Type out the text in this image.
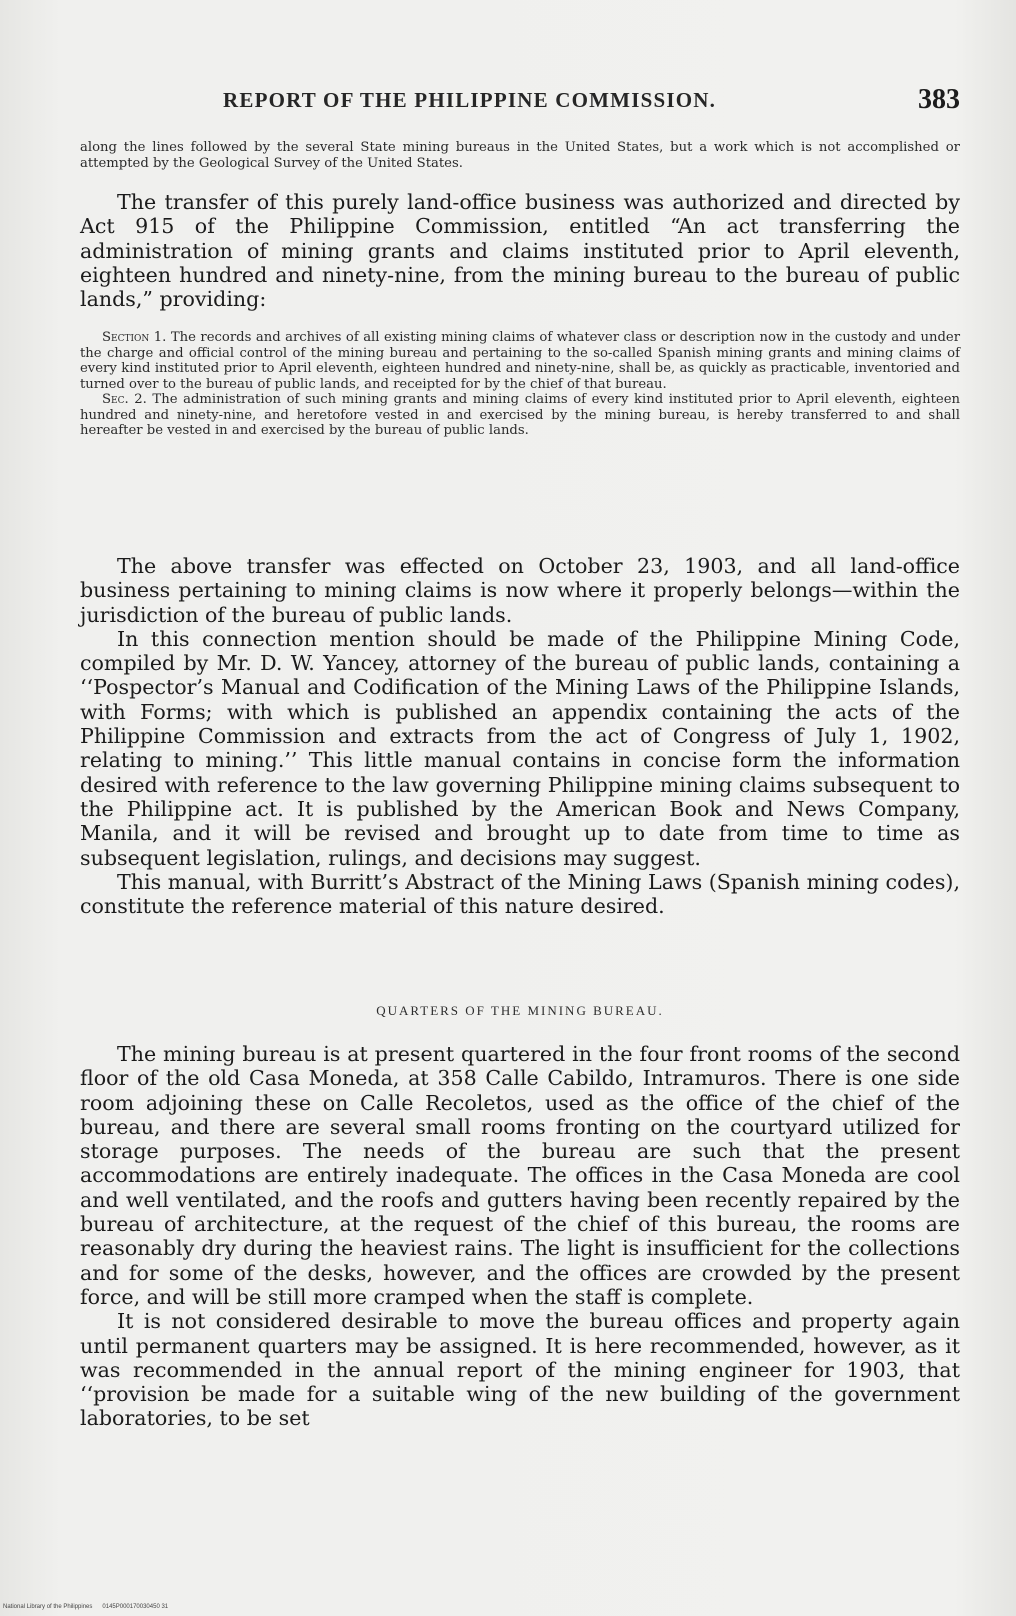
REPORT OF THE PHILIPPINE COMMISSION.	383

along the lines followed by the several State mining bureaus in the United States, but a work which is not accomplished or attempted by the Geological Survey of the United States.

The transfer of this purely land-office business was authorized and directed by Act 915 of the Philippine Commission, entitled “An act transferring the administration of mining grants and claims instituted prior to April eleventh, eighteen hundred and ninety-nine, from the mining bureau to the bureau of public lands,” providing:

Section 1. The records and archives of all existing mining claims of whatever class or description now in the custody and under the charge and official control of the mining bureau and pertaining to the so-called Spanish mining grants and mining claims of every kind instituted prior to April eleventh, eighteen hundred and ninety-nine, shall be, as quickly as practicable, inventoried and turned over to the bureau of public lands, and receipted for by the chief of that bureau.

Sec. 2. The administration of such mining grants and mining claims of every kind instituted prior to April eleventh, eighteen hundred and ninety-nine, and heretofore vested in and exercised by the mining bureau, is hereby transferred to and shall hereafter be vested in and exercised by the bureau of public lands.

The above transfer was effected on October 23, 1903, and all land-office business pertaining to mining claims is now where it properly belongs—within the jurisdiction of the bureau of public lands.

In this connection mention should be made of the Philippine Mining Code, compiled by Mr. D. W. Yancey, attorney of the bureau of public lands, containing a ‘‘Pospector’s Manual and Codification of the Mining Laws of the Philippine Islands, with Forms; with which is published an appendix containing the acts of the Philippine Commission and extracts from the act of Congress of July 1, 1902, relating to mining.’’ This little manual contains in concise form the information desired with reference to the law governing Philippine mining claims subsequent to the Philippine act. It is published by the American Book and News Company, Manila, and it will be revised and brought up to date from time to time as subsequent legislation, rulings, and decisions may suggest.

This manual, with Burritt’s Abstract of the Mining Laws (Spanish mining codes), constitute the reference material of this nature desired.

QUARTERS OF THE MINING BUREAU.

The mining bureau is at present quartered in the four front rooms of the second floor of the old Casa Moneda, at 358 Calle Cabildo, Intramuros. There is one side room adjoining these on Calle Recoletos, used as the office of the chief of the bureau, and there are several small rooms fronting on the courtyard utilized for storage purposes. The needs of the bureau are such that the present accommodations are entirely inadequate. The offices in the Casa Moneda are cool and well ventilated, and the roofs and gutters having been recently repaired by the bureau of architecture, at the request of the chief of this bureau, the rooms are reasonably dry during the heaviest rains. The light is insufficient for the collections and for some of the desks, however, and the offices are crowded by the present force, and will be still more cramped when the staff is complete.

It is not considered desirable to move the bureau offices and property again until permanent quarters may be assigned. It is here recommended, however, as it was recommended in the annual report of the mining engineer for 1903, that ‘‘provision be made for a suitable wing of the new building of the government laboratories, to be set

National Library of the Philippines 0145P000170030450 31
